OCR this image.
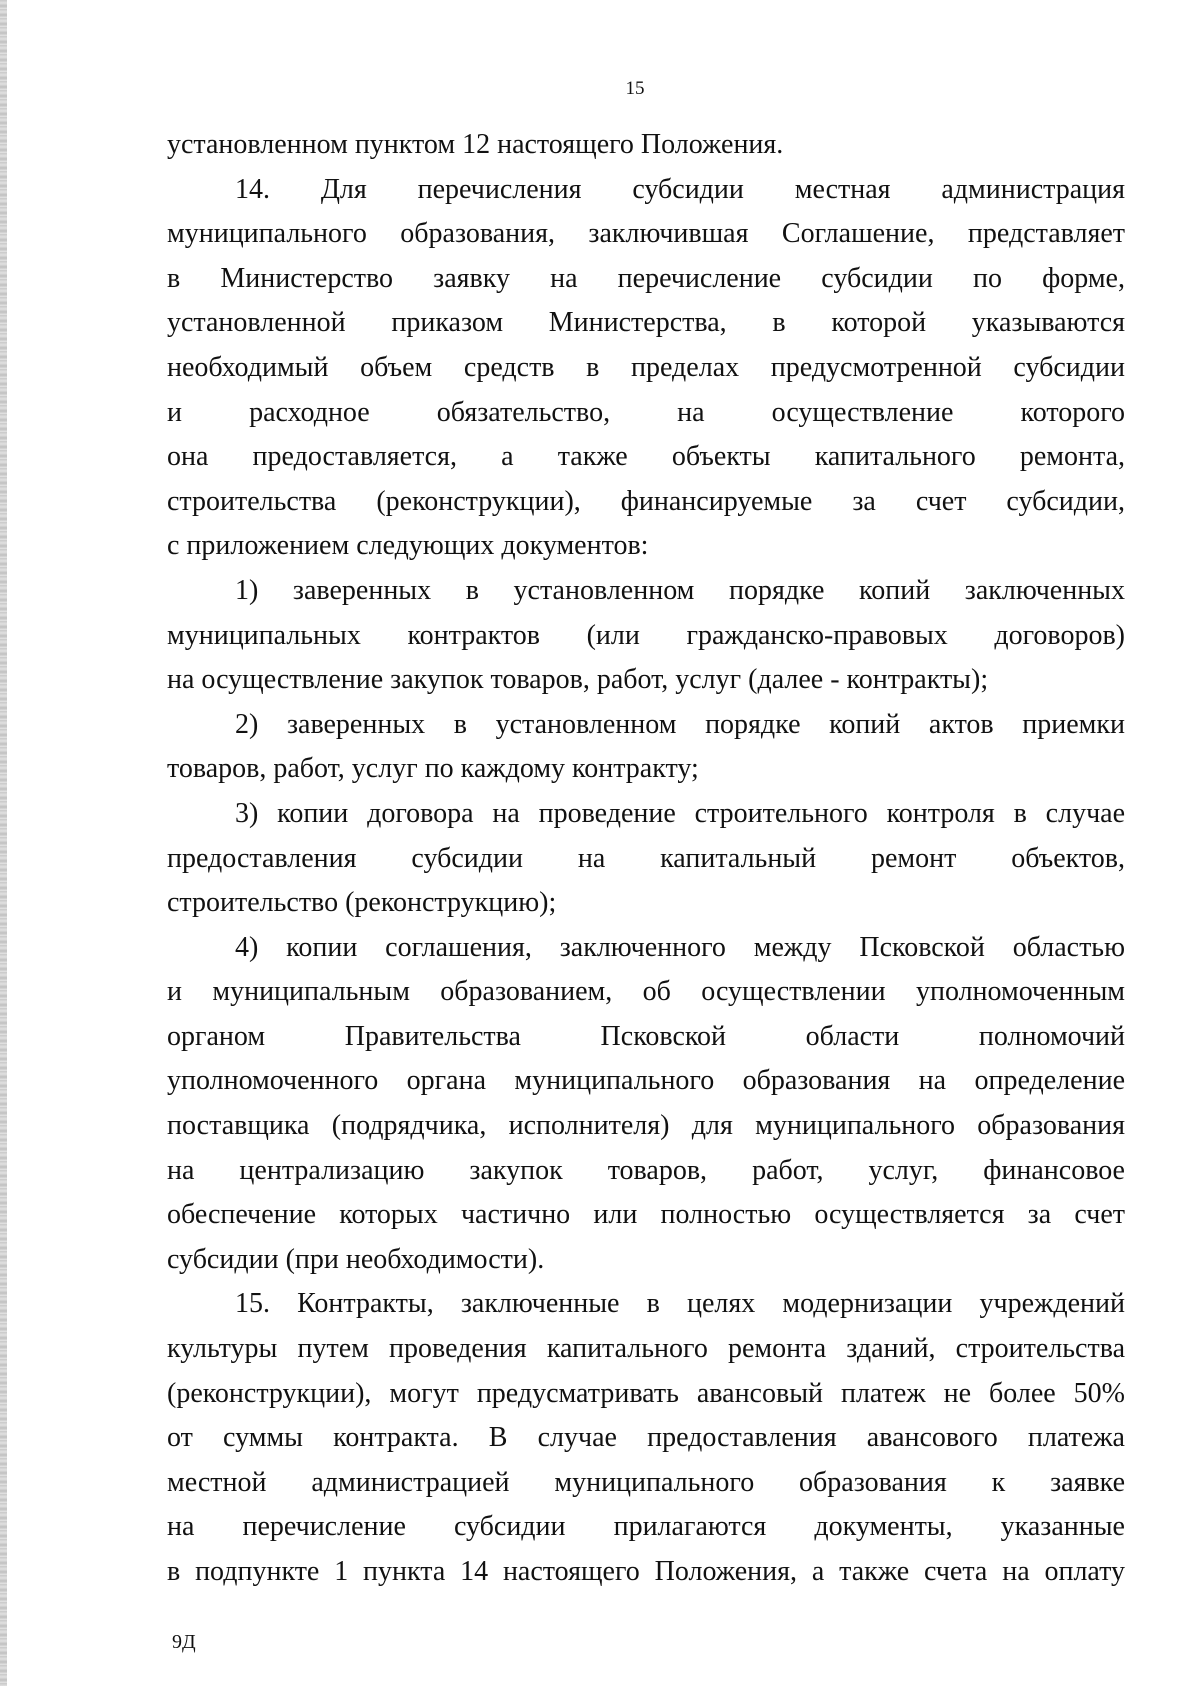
15
установленном пунктом 12 настоящего Положения.
14. Для перечисления субсидии местная администрация
муниципального образования, заключившая Соглашение, представляет
в Министерство заявку на перечисление субсидии по форме,
установленной приказом Министерства, в которой указываются
необходимый объем средств в пределах предусмотренной субсидии
и расходное обязательство, на осуществление которого
она предоставляется, а также объекты капитального ремонта,
строительства (реконструкции), финансируемые за счет субсидии,
с приложением следующих документов:
1) заверенных в установленном порядке копий заключенных
муниципальных контрактов (или гражданско-правовых договоров)
на осуществление закупок товаров, работ, услуг (далее - контракты);
2) заверенных в установленном порядке копий актов приемки
товаров, работ, услуг по каждому контракту;
3) копии договора на проведение строительного контроля в случае
предоставления субсидии на капитальный ремонт объектов,
строительство (реконструкцию);
4) копии соглашения, заключенного между Псковской областью
и муниципальным образованием, об осуществлении уполномоченным
органом Правительства Псковской области полномочий
уполномоченного органа муниципального образования на определение
поставщика (подрядчика, исполнителя) для муниципального образования
на централизацию закупок товаров, работ, услуг, финансовое
обеспечение которых частично или полностью осуществляется за счет
субсидии (при необходимости).
15. Контракты, заключенные в целях модернизации учреждений
культуры путем проведения капитального ремонта зданий, строительства
(реконструкции), могут предусматривать авансовый платеж не более 50%
от суммы контракта. В случае предоставления авансового платежа
местной администрацией муниципального образования к заявке
на перечисление субсидии прилагаются документы, указанные
в подпункте 1 пункта 14 настоящего Положения, а также счета на оплату
9Д
